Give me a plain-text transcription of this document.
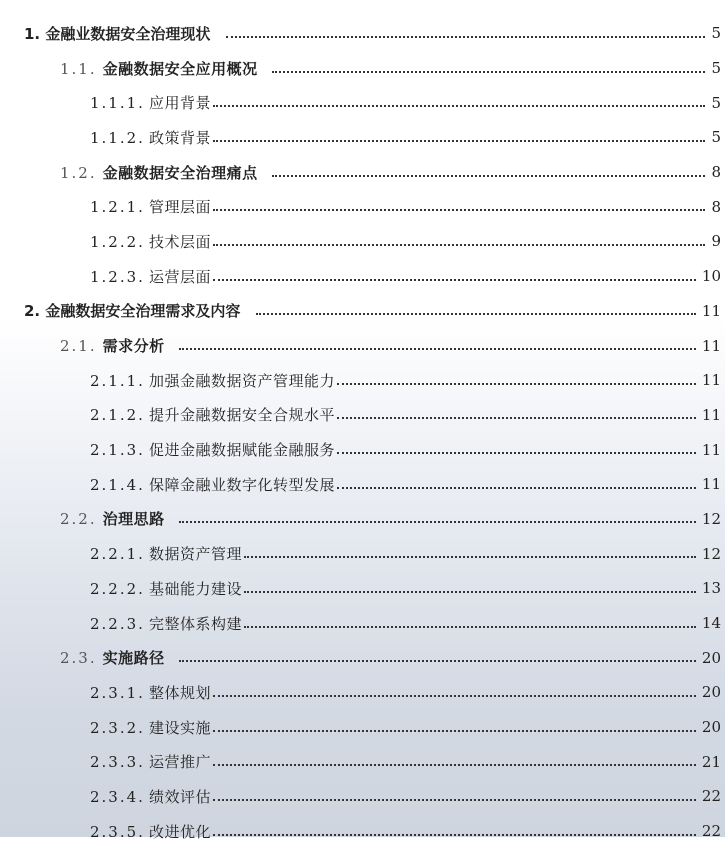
1. 金融业数据安全治理现状	5
1.1. 金融数据安全应用概况	5
1.1.1. 应用背景	5
1.1.2. 政策背景	5
1.2. 金融数据安全治理痛点	8
1.2.1. 管理层面	8
1.2.2. 技术层面	9
1.2.3. 运营层面	10
2. 金融数据安全治理需求及内容	11
2.1. 需求分析	11
2.1.1. 加强金融数据资产管理能力	11
2.1.2. 提升金融数据安全合规水平	11
2.1.3. 促进金融数据赋能金融服务	11
2.1.4. 保障金融业数字化转型发展	11
2.2. 治理思路	12
2.2.1. 数据资产管理	12
2.2.2. 基础能力建设	13
2.2.3. 完整体系构建	14
2.3. 实施路径	20
2.3.1. 整体规划	20
2.3.2. 建设实施	20
2.3.3. 运营推广	21
2.3.4. 绩效评估	22
2.3.5. 改进优化	22
